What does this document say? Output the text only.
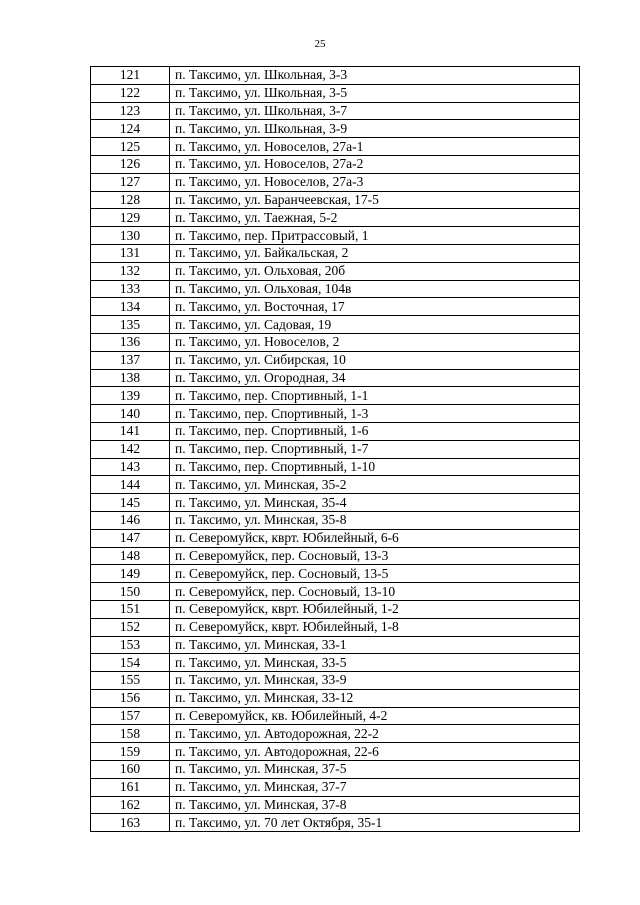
25
121	п. Таксимо, ул. Школьная, 3-3
122	п. Таксимо, ул. Школьная, 3-5
123	п. Таксимо, ул. Школьная, 3-7
124	п. Таксимо, ул. Школьная, 3-9
125	п. Таксимо, ул. Новоселов, 27а-1
126	п. Таксимо, ул. Новоселов, 27а-2
127	п. Таксимо, ул. Новоселов, 27а-3
128	п. Таксимо, ул. Баранчеевская, 17-5
129	п. Таксимо, ул. Таежная, 5-2
130	п. Таксимо, пер. Притрассовый, 1
131	п. Таксимо, ул. Байкальская, 2
132	п. Таксимо, ул. Ольховая, 20б
133	п. Таксимо, ул. Ольховая, 104в
134	п. Таксимо, ул. Восточная, 17
135	п. Таксимо, ул. Садовая, 19
136	п. Таксимо, ул. Новоселов, 2
137	п. Таксимо, ул. Сибирская, 10
138	п. Таксимо, ул. Огородная, 34
139	п. Таксимо, пер. Спортивный, 1-1
140	п. Таксимо, пер. Спортивный, 1-3
141	п. Таксимо, пер. Спортивный, 1-6
142	п. Таксимо, пер. Спортивный, 1-7
143	п. Таксимо, пер. Спортивный, 1-10
144	п. Таксимо, ул. Минская, 35-2
145	п. Таксимо, ул. Минская, 35-4
146	п. Таксимо, ул. Минская, 35-8
147	п. Северомуйск, кврт. Юбилейный, 6-6
148	п. Северомуйск, пер. Сосновый, 13-3
149	п. Северомуйск, пер. Сосновый, 13-5
150	п. Северомуйск, пер. Сосновый, 13-10
151	п. Северомуйск, кврт. Юбилейный, 1-2
152	п. Северомуйск, кврт. Юбилейный, 1-8
153	п. Таксимо, ул. Минская, 33-1
154	п. Таксимо, ул. Минская, 33-5
155	п. Таксимо, ул. Минская, 33-9
156	п. Таксимо, ул. Минская, 33-12
157	п. Северомуйск, кв. Юбилейный, 4-2
158	п. Таксимо, ул. Автодорожная, 22-2
159	п. Таксимо, ул. Автодорожная, 22-6
160	п. Таксимо, ул. Минская, 37-5
161	п. Таксимо, ул. Минская, 37-7
162	п. Таксимо, ул. Минская, 37-8
163	п. Таксимо, ул. 70 лет Октября, 35-1
